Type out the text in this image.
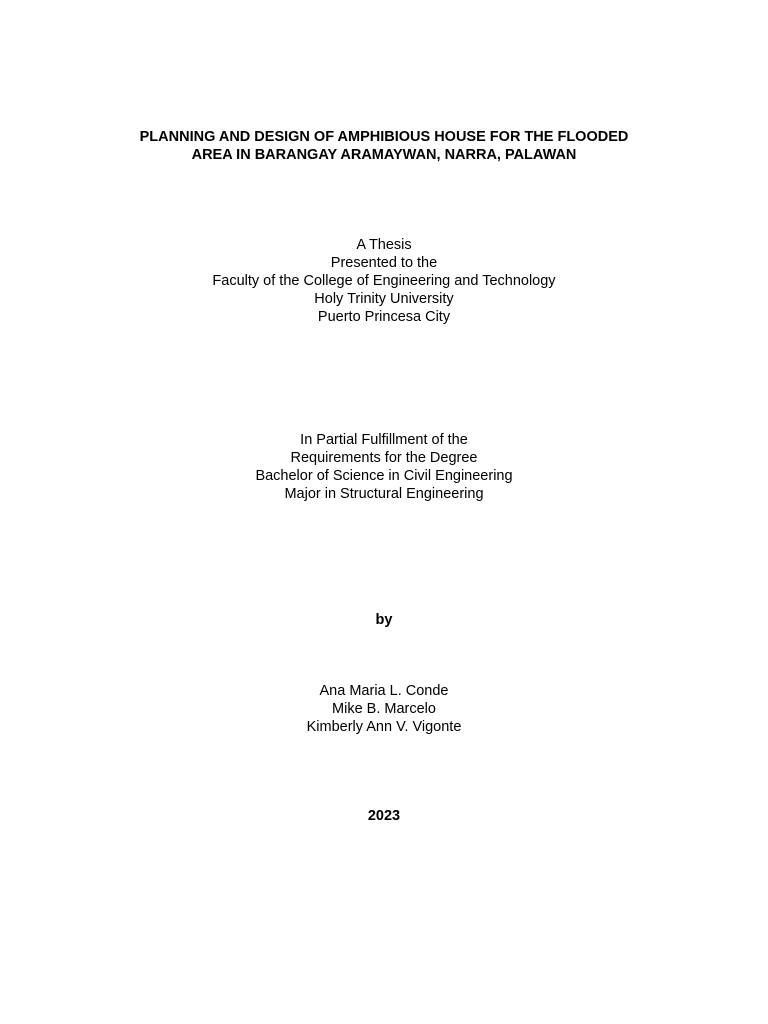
PLANNING AND DESIGN OF AMPHIBIOUS HOUSE FOR THE FLOODED
AREA IN BARANGAY ARAMAYWAN, NARRA, PALAWAN
A Thesis
Presented to the
Faculty of the College of Engineering and Technology
Holy Trinity University
Puerto Princesa City
In Partial Fulfillment of the
Requirements for the Degree
Bachelor of Science in Civil Engineering
Major in Structural Engineering
by
Ana Maria L. Conde
Mike B. Marcelo
Kimberly Ann V. Vigonte
2023
